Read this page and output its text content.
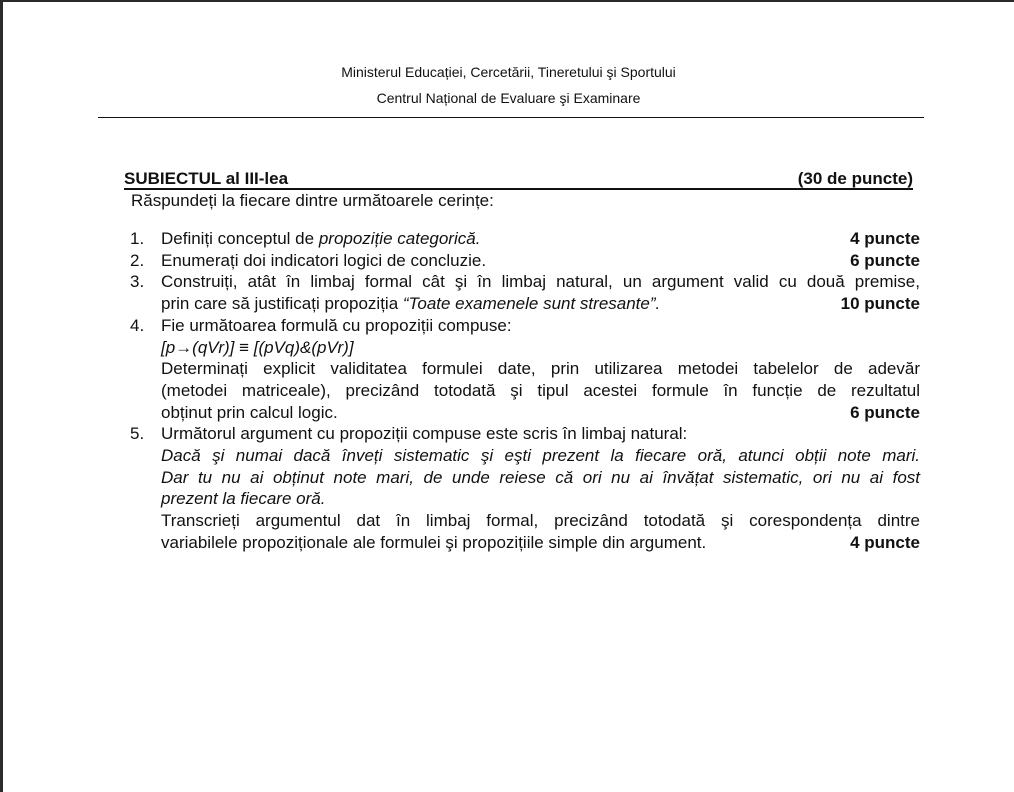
Ministerul Educației, Cercetării, Tineretului şi Sportului
Centrul Național de Evaluare şi Examinare
SUBIECTUL al III-lea	(30 de puncte)
Răspundeți la fiecare dintre următoarele cerințe:
1. Definiți conceptul de propoziție categorică.	4 puncte
2. Enumerați doi indicatori logici de concluzie.	6 puncte
3. Construiți, atât în limbaj formal cât şi în limbaj natural, un argument valid cu două premise,
prin care să justificați propoziția “Toate examenele sunt stresante”.	10 puncte
4. Fie următoarea formulă cu propoziții compuse:
[p→(qVr)] ≡ [(pVq)&(pVr)]
Determinați explicit validitatea formulei date, prin utilizarea metodei tabelelor de adevăr
(metodei matriceale), precizând totodată şi tipul acestei formule în funcție de rezultatul
obținut prin calcul logic.	6 puncte
5. Următorul argument cu propoziții compuse este scris în limbaj natural:
Dacă şi numai dacă înveți sistematic şi eşti prezent la fiecare oră, atunci obții note mari.
Dar tu nu ai obținut note mari, de unde reiese că ori nu ai învățat sistematic, ori nu ai fost
prezent la fiecare oră.
Transcrieți argumentul dat în limbaj formal, precizând totodată şi corespondența dintre
variabilele propoziționale ale formulei şi propozițiile simple din argument.	4 puncte
